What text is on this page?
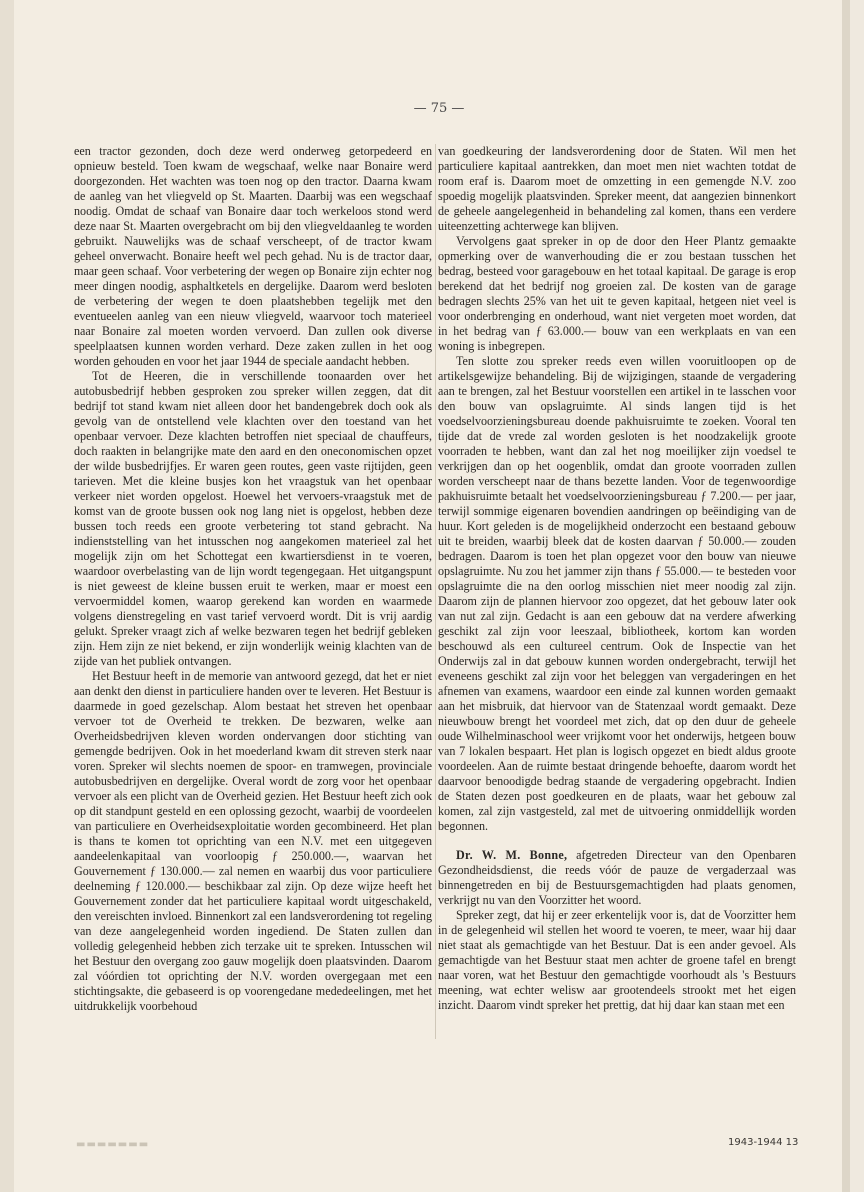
— 75 —

een tractor gezonden, doch deze werd onderweg getorpedeerd en opnieuw besteld. Toen kwam de wegschaaf, welke naar Bonaire werd doorgezonden. Het wachten was toen nog op den tractor. Daarna kwam de aanleg van het vliegveld op St. Maarten. Daarbij was een wegschaaf noodig. Omdat de schaaf van Bonaire daar toch werkeloos stond werd deze naar St. Maarten overgebracht om bij den vliegveldaanleg te worden gebruikt. Nauwelijks was de schaaf verscheept, of de tractor kwam geheel onverwacht. Bonaire heeft wel pech gehad. Nu is de tractor daar, maar geen schaaf. Voor verbetering der wegen op Bonaire zijn echter nog meer dingen noodig, asphaltketels en dergelijke. Daarom werd besloten de verbetering der wegen te doen plaatshebben tegelijk met den eventueelen aanleg van een nieuw vliegveld, waarvoor toch materieel naar Bonaire zal moeten worden vervoerd. Dan zullen ook diverse speelplaatsen kunnen worden verhard. Deze zaken zullen in het oog worden gehouden en voor het jaar 1944 de speciale aandacht hebben.

Tot de Heeren, die in verschillende toonaarden over het autobusbedrijf hebben gesproken zou spreker willen zeggen, dat dit bedrijf tot stand kwam niet alleen door het bandengebrek doch ook als gevolg van de ontstellend vele klachten over den toestand van het openbaar vervoer. Deze klachten betroffen niet speciaal de chauffeurs, doch raakten in belangrijke mate den aard en den oneconomischen opzet der wilde busbedrijfjes. Er waren geen routes, geen vaste rijtijden, geen tarieven. Met die kleine busjes kon het vraagstuk van het openbaar verkeer niet worden opgelost. Hoewel het vervoers-vraagstuk met de komst van de groote bussen ook nog lang niet is opgelost, hebben deze bussen toch reeds een groote verbetering tot stand gebracht. Na indienststelling van het intusschen nog aangekomen materieel zal het mogelijk zijn om het Schottegat een kwartiersdienst in te voeren, waardoor overbelasting van de lijn wordt tegengegaan. Het uitgangspunt is niet geweest de kleine bussen eruit te werken, maar er moest een vervoermiddel komen, waarop gerekend kan worden en waarmede volgens dienstregeling en vast tarief vervoerd wordt. Dit is vrij aardig gelukt. Spreker vraagt zich af welke bezwaren tegen het bedrijf gebleken zijn. Hem zijn ze niet bekend, er zijn wonderlijk weinig klachten van de zijde van het publiek ontvangen.

Het Bestuur heeft in de memorie van antwoord gezegd, dat het er niet aan denkt den dienst in particuliere handen over te leveren. Het Bestuur is daarmede in goed gezelschap. Alom bestaat het streven het openbaar vervoer tot de Overheid te trekken. De bezwaren, welke aan Overheidsbedrijven kleven worden ondervangen door stichting van gemengde bedrijven. Ook in het moederland kwam dit streven sterk naar voren. Spreker wil slechts noemen de spoor- en tramwegen, provinciale autobusbedrijven en dergelijke. Overal wordt de zorg voor het openbaar vervoer als een plicht van de Overheid gezien. Het Bestuur heeft zich ook op dit standpunt gesteld en een oplossing gezocht, waarbij de voordeelen van particuliere en Overheidsexploitatie worden gecombineerd. Het plan is thans te komen tot oprichting van een N.V. met een uitgegeven aandeelenkapitaal van voorloopig ƒ 250.000.—, waarvan het Gouvernement ƒ 130.000.— zal nemen en waarbij dus voor particuliere deelneming ƒ 120.000.— beschikbaar zal zijn. Op deze wijze heeft het Gouvernement zonder dat het particuliere kapitaal wordt uitgeschakeld, den vereischten invloed. Binnenkort zal een landsverordening tot regeling van deze aangelegenheid worden ingediend. De Staten zullen dan volledig gelegenheid hebben zich terzake uit te spreken. Intusschen wil het Bestuur den overgang zoo gauw mogelijk doen plaatsvinden. Daarom zal vóórdien tot oprichting der N.V. worden overgegaan met een stichtingsakte, die gebaseerd is op voorengedane mededeelingen, met het uitdrukkelijk voorbehoud

van goedkeuring der landsverordening door de Staten. Wil men het particuliere kapitaal aantrekken, dan moet men niet wachten totdat de room eraf is. Daarom moet de omzetting in een gemengde N.V. zoo spoedig mogelijk plaatsvinden. Spreker meent, dat aangezien binnenkort de geheele aangelegenheid in behandeling zal komen, thans een verdere uiteenzetting achterwege kan blijven.

Vervolgens gaat spreker in op de door den Heer Plantz gemaakte opmerking over de wanverhouding die er zou bestaan tusschen het bedrag, besteed voor garagebouw en het totaal kapitaal. De garage is erop berekend dat het bedrijf nog groeien zal. De kosten van de garage bedragen slechts 25% van het uit te geven kapitaal, hetgeen niet veel is voor onderbrenging en onderhoud, want niet vergeten moet worden, dat in het bedrag van ƒ 63.000.— bouw van een werkplaats en van een woning is inbegrepen.

Ten slotte zou spreker reeds even willen vooruitloopen op de artikelsgewijze behandeling. Bij de wijzigingen, staande de vergadering aan te brengen, zal het Bestuur voorstellen een artikel in te lasschen voor den bouw van opslagruimte. Al sinds langen tijd is het voedselvoorzieningsbureau doende pakhuisruimte te zoeken. Vooral ten tijde dat de vrede zal worden gesloten is het noodzakelijk groote voorraden te hebben, want dan zal het nog moeilijker zijn voedsel te verkrijgen dan op het oogenblik, omdat dan groote voorraden zullen worden verscheept naar de thans bezette landen. Voor de tegenwoordige pakhuisruimte betaalt het voedselvoorzieningsbureau ƒ 7.200.— per jaar, terwijl sommige eigenaren bovendien aandringen op beëindiging van de huur. Kort geleden is de mogelijkheid onderzocht een bestaand gebouw uit te breiden, waarbij bleek dat de kosten daarvan ƒ 50.000.— zouden bedragen. Daarom is toen het plan opgezet voor den bouw van nieuwe opslagruimte. Nu zou het jammer zijn thans ƒ 55.000.— te besteden voor opslagruimte die na den oorlog misschien niet meer noodig zal zijn. Daarom zijn de plannen hiervoor zoo opgezet, dat het gebouw later ook van nut zal zijn. Gedacht is aan een gebouw dat na verdere afwerking geschikt zal zijn voor leeszaal, bibliotheek, kortom kan worden beschouwd als een cultureel centrum. Ook de Inspectie van het Onderwijs zal in dat gebouw kunnen worden ondergebracht, terwijl het eveneens geschikt zal zijn voor het beleggen van vergaderingen en het afnemen van examens, waardoor een einde zal kunnen worden gemaakt aan het misbruik, dat hiervoor van de Statenzaal wordt gemaakt. Deze nieuwbouw brengt het voordeel met zich, dat op den duur de geheele oude Wilhelminaschool weer vrijkomt voor het onderwijs, hetgeen bouw van 7 lokalen bespaart. Het plan is logisch opgezet en biedt aldus groote voordeelen. Aan de ruimte bestaat dringende behoefte, daarom wordt het daarvoor benoodigde bedrag staande de vergadering opgebracht. Indien de Staten dezen post goedkeuren en de plaats, waar het gebouw zal komen, zal zijn vastgesteld, zal met de uitvoering onmiddellijk worden begonnen.

Dr. W. M. Bonne, afgetreden Directeur van den Openbaren Gezondheidsdienst, die reeds vóór de pauze de vergaderzaal was binnengetreden en bij de Bestuursgemachtigden had plaats genomen, verkrijgt nu van den Voorzitter het woord.

Spreker zegt, dat hij er zeer erkentelijk voor is, dat de Voorzitter hem in de gelegenheid wil stellen het woord te voeren, te meer, waar hij daar niet staat als gemachtigde van het Bestuur. Dat is een ander gevoel. Als gemachtigde van het Bestuur staat men achter de groene tafel en brengt naar voren, wat het Bestuur den gemachtigde voorhoudt als 's Bestuurs meening, wat echter welisw aar grootendeels strookt met het eigen inzicht. Daarom vindt spreker het prettig, dat hij daar kan staan met een

▬▬▬▬▬▬▬	1943-1944 13
